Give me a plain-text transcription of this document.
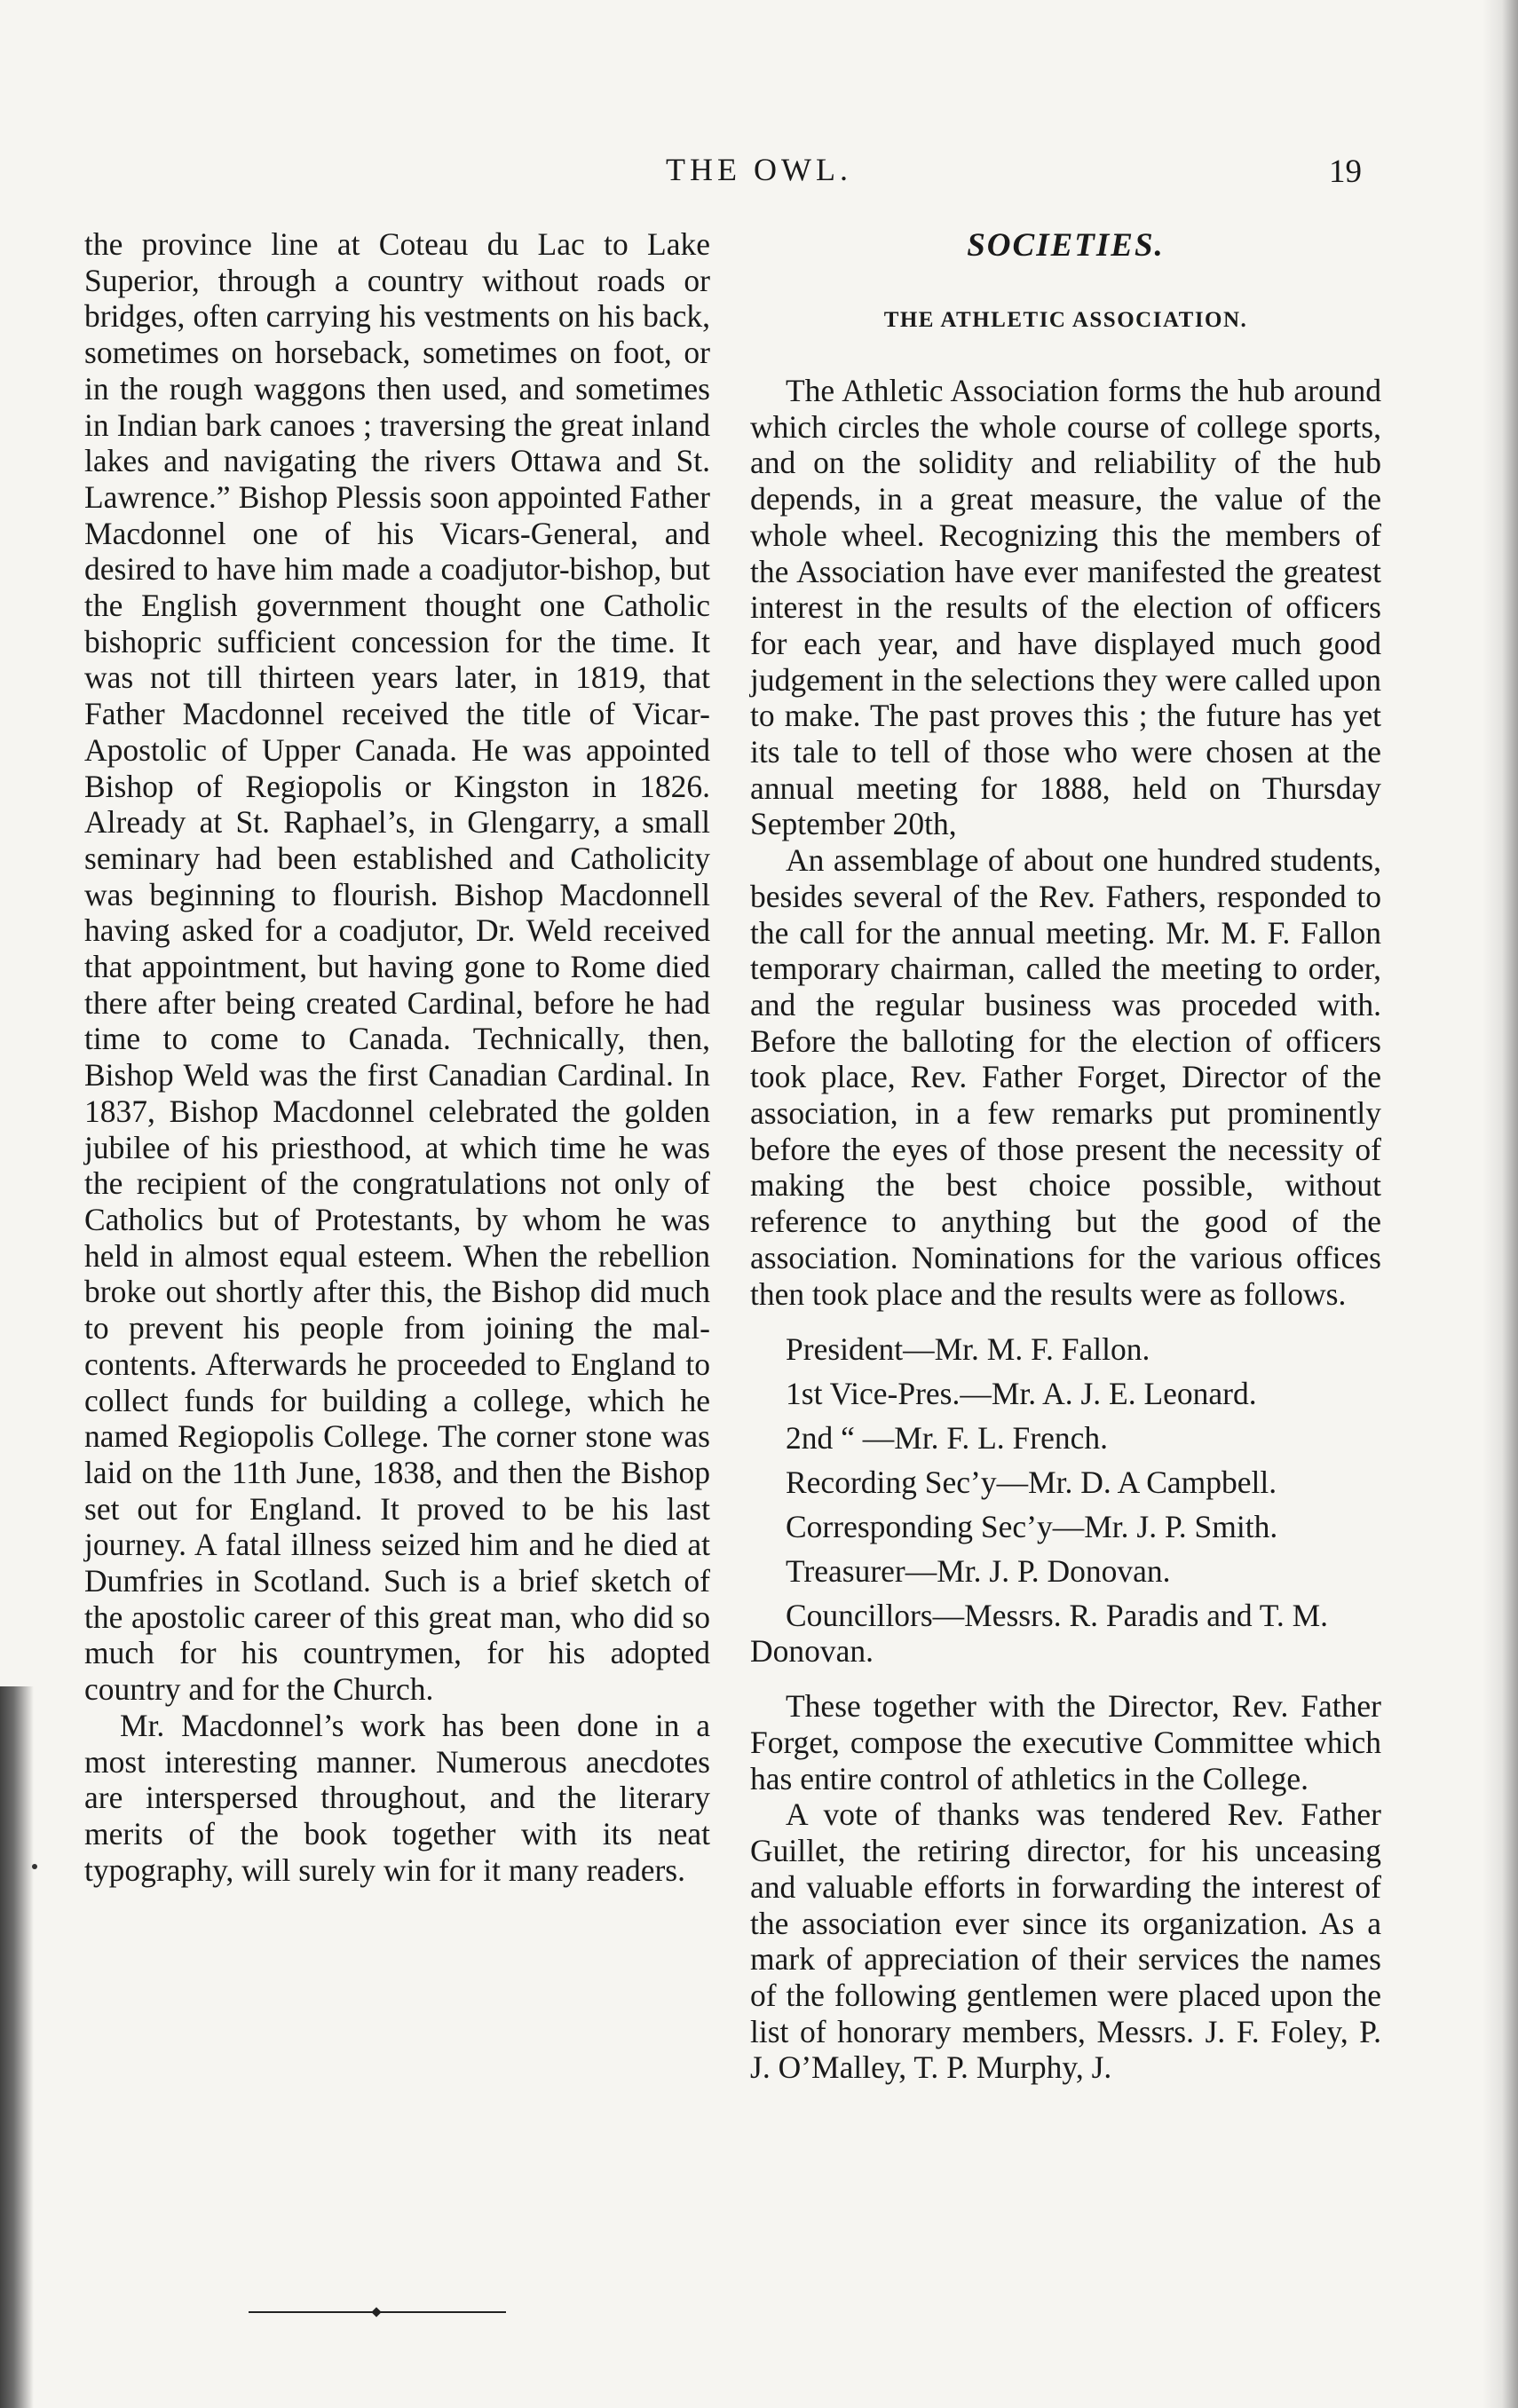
THE OWL.	19

the province line at Coteau du Lac to Lake Superior, through a country without roads or bridges, often carrying his vestments on his back, sometimes on horseback, sometimes on foot, or in the rough waggons then used, and sometimes in Indian bark canoes ; traversing the great inland lakes and navigating the rivers Ottawa and St. Lawrence.” Bishop Plessis soon appointed Father Macdonnel one of his Vicars-General, and desired to have him made a coadjutor-bishop, but the English government thought one Catholic bishopric sufficient concession for the time. It was not till thirteen years later, in 1819, that Father Macdonnel received the title of Vicar-Apostolic of Upper Canada. He was appointed Bishop of Regiopolis or Kingston in 1826. Already at St. Raphael’s, in Glengarry, a small seminary had been established and Catholicity was beginning to flourish. Bishop Macdonnell having asked for a coadjutor, Dr. Weld received that appointment, but having gone to Rome died there after being created Cardinal, before he had time to come to Canada. Technically, then, Bishop Weld was the first Canadian Cardinal. In 1837, Bishop Macdonnel celebrated the golden jubilee of his priesthood, at which time he was the recipient of the congratulations not only of Catholics but of Protestants, by whom he was held in almost equal esteem. When the rebellion broke out shortly after this, the Bishop did much to prevent his people from joining the malcontents. Afterwards he proceeded to England to collect funds for building a college, which he named Regiopolis College. The corner stone was laid on the 11th June, 1838, and then the Bishop set out for England. It proved to be his last journey. A fatal illness seized him and he died at Dumfries in Scotland. Such is a brief sketch of the apostolic career of this great man, who did so much for his countrymen, for his adopted country and for the Church.

Mr. Macdonnel’s work has been done in a most interesting manner. Numerous anecdotes are interspersed throughout, and the literary merits of the book together with its neat typography, will surely win for it many readers.

SOCIETIES.
THE ATHLETIC ASSOCIATION.

The Athletic Association forms the hub around which circles the whole course of college sports, and on the solidity and reliability of the hub depends, in a great measure, the value of the whole wheel. Recognizing this the members of the Association have ever manifested the greatest interest in the results of the election of officers for each year, and have displayed much good judgement in the selections they were called upon to make. The past proves this ; the future has yet its tale to tell of those who were chosen at the annual meeting for 1888, held on Thursday September 20th,

An assemblage of about one hundred students, besides several of the Rev. Fathers, responded to the call for the annual meeting. Mr. M. F. Fallon temporary chairman, called the meeting to order, and the regular business was proceded with. Before the balloting for the election of officers took place, Rev. Father Forget, Director of the association, in a few remarks put prominently before the eyes of those present the necessity of making the best choice possible, without reference to anything but the good of the association. Nominations for the various offices then took place and the results were as follows.

President—Mr. M. F. Fallon.
1st Vice-Pres.—Mr. A. J. E. Leonard.
2nd “ —Mr. F. L. French.
Recording Sec’y—Mr. D. A Campbell.
Corresponding Sec’y—Mr. J. P. Smith.
Treasurer—Mr. J. P. Donovan.
Councillors—Messrs. R. Paradis and T. M. Donovan.

These together with the Director, Rev. Father Forget, compose the executive Committee which has entire control of athletics in the College.

A vote of thanks was tendered Rev. Father Guillet, the retiring director, for his unceasing and valuable efforts in forwarding the interest of the association ever since its organization. As a mark of appreciation of their services the names of the following gentlemen were placed upon the list of honorary members, Messrs. J. F. Foley, P. J. O’Malley, T. P. Murphy, J.
